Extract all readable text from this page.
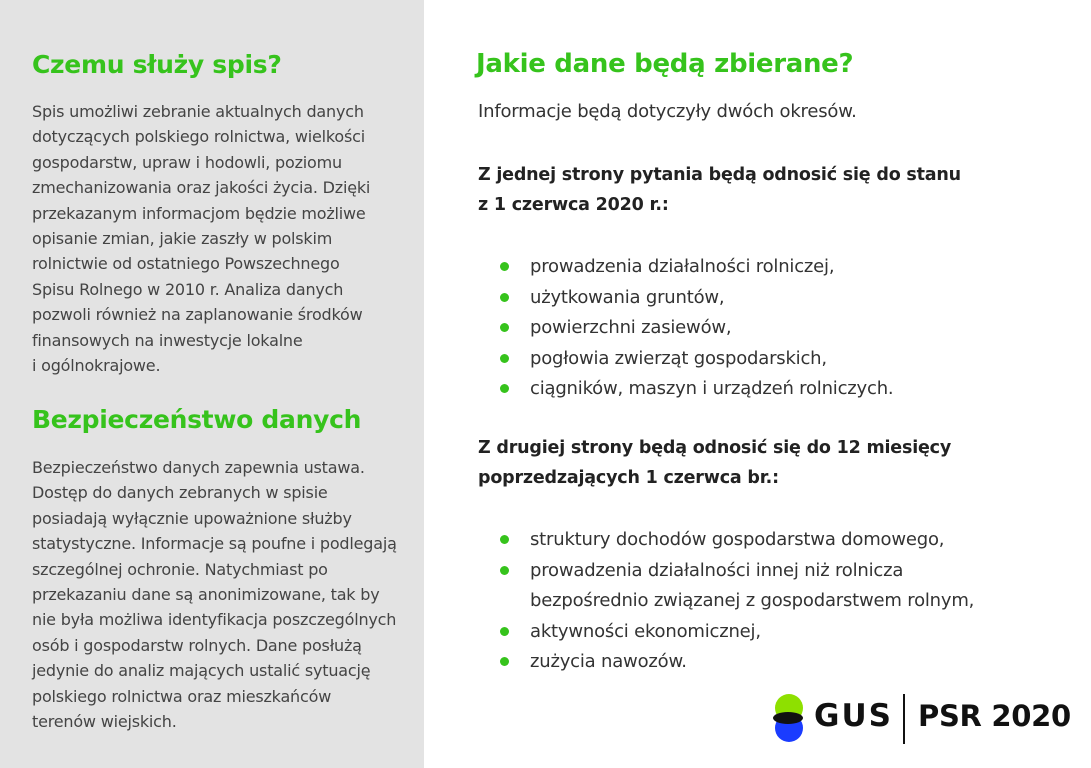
Czemu służy spis?

Spis umożliwi zebranie aktualnych danych
dotyczących polskiego rolnictwa, wielkości
gospodarstw, upraw i hodowli, poziomu
zmechanizowania oraz jakości życia. Dzięki
przekazanym informacjom będzie możliwe
opisanie zmian, jakie zaszły w polskim
rolnictwie od ostatniego Powszechnego
Spisu Rolnego w 2010 r. Analiza danych
pozwoli również na zaplanowanie środków
finansowych na inwestycje lokalne
i ogólnokrajowe.

Bezpieczeństwo danych

Bezpieczeństwo danych zapewnia ustawa.
Dostęp do danych zebranych w spisie
posiadają wyłącznie upoważnione służby
statystyczne. Informacje są poufne i podlegają
szczególnej ochronie. Natychmiast po
przekazaniu dane są anonimizowane, tak by
nie była możliwa identyfikacja poszczególnych
osób i gospodarstw rolnych. Dane posłużą
jedynie do analiz mających ustalić sytuację
polskiego rolnictwa oraz mieszkańców
terenów wiejskich.

Jakie dane będą zbierane?

Informacje będą dotyczyły dwóch okresów.

Z jednej strony pytania będą odnosić się do stanu
z 1 czerwca 2020 r.:

prowadzenia działalności rolniczej,
użytkowania gruntów,
powierzchni zasiewów,
pogłowia zwierząt gospodarskich,
ciągników, maszyn i urządzeń rolniczych.

Z drugiej strony będą odnosić się do 12 miesięcy
poprzedzających 1 czerwca br.:

struktury dochodów gospodarstwa domowego,
prowadzenia działalności innej niż rolnicza
bezpośrednio związanej z gospodarstwem rolnym,
aktywności ekonomicznej,
zużycia nawozów.
GUS PSR 2020
